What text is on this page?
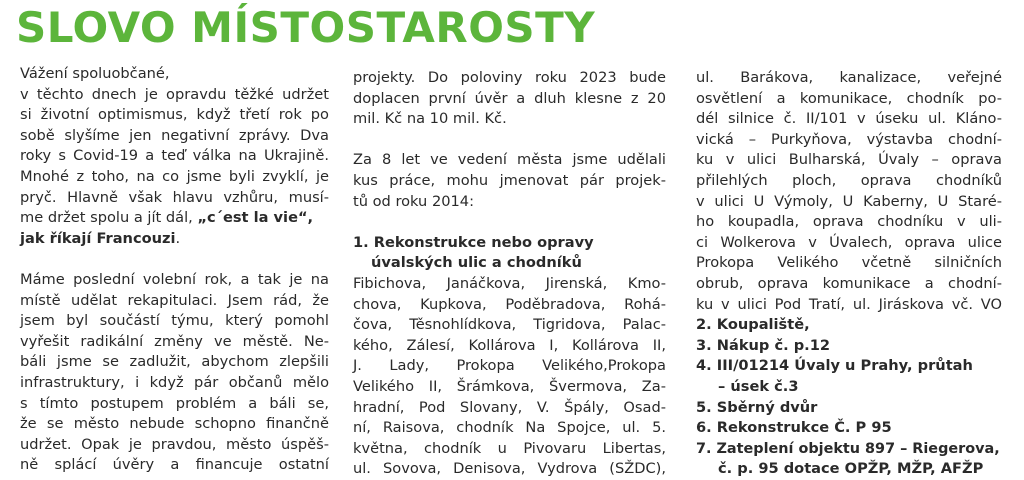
SLOVO MÍSTOSTAROSTY
Vážení spoluobčané,
v těchto dnech je opravdu těžké udržet
si životní optimismus, když třetí rok po
sobě slyšíme jen negativní zprávy. Dva
roky s Covid-19 a teď válka na Ukrajině.
Mnohé z toho, na co jsme byli zvyklí, je
pryč. Hlavně však hlavu vzhůru, musí-
me držet spolu a jít dál, „c´est la vie“,
jak říkají Francouzi.
Máme poslední volební rok, a tak je na
místě udělat rekapitulaci. Jsem rád, že
jsem byl součástí týmu, který pomohl
vyřešit radikální změny ve městě. Ne-
báli jsme se zadlužit, abychom zlepšili
infrastruktury, i když pár občanů mělo
s tímto postupem problém a báli se,
že se město nebude schopno finančně
udržet. Opak je pravdou, město úspěš-
ně splácí úvěry a financuje ostatní
projekty. Do poloviny roku 2023 bude
doplacen první úvěr a dluh klesne z 20
mil. Kč na 10 mil. Kč.
Za 8 let ve vedení města jsme udělali
kus práce, mohu jmenovat pár projek-
tů od roku 2014:
1. Rekonstrukce nebo opravy
úvalských ulic a chodníků
Fibichova, Janáčkova, Jirenská, Kmo-
chova, Kupkova, Poděbradova, Rohá-
čova, Těsnohlídkova, Tigridova, Palac-
kého, Zálesí, Kollárova I, Kollárova II,
J. Lady, Prokopa Velikého,Prokopa
Velikého II, Šrámkova, Švermova, Za-
hradní, Pod Slovany, V. Špály, Osad-
ní, Raisova, chodník Na Spojce, ul. 5.
května, chodník u Pivovaru Libertas,
ul. Sovova, Denisova, Vydrova (SŽDC),
ul. Barákova, kanalizace, veřejné
osvětlení a komunikace, chodník po-
dél silnice č. II/101 v úseku ul. Kláno-
vická – Purkyňova, výstavba chodní-
ku v ulici Bulharská, Úvaly – oprava
přilehlých ploch, oprava chodníků
v ulici U Výmoly, U Kaberny, U Staré-
ho koupadla, oprava chodníku v uli-
ci Wolkerova v Úvalech, oprava ulice
Prokopa Velikého včetně silničních
obrub, oprava komunikace a chodní-
ku v ulici Pod Tratí, ul. Jiráskova vč. VO
2. Koupaliště,
3. Nákup č. p.12
4. III/01214 Úvaly u Prahy, průtah
– úsek č.3
5. Sběrný dvůr
6. Rekonstrukce Č. P 95
7. Zateplení objektu 897 – Riegerova,
č. p. 95 dotace OPŽP, MŽP, AFŽP
